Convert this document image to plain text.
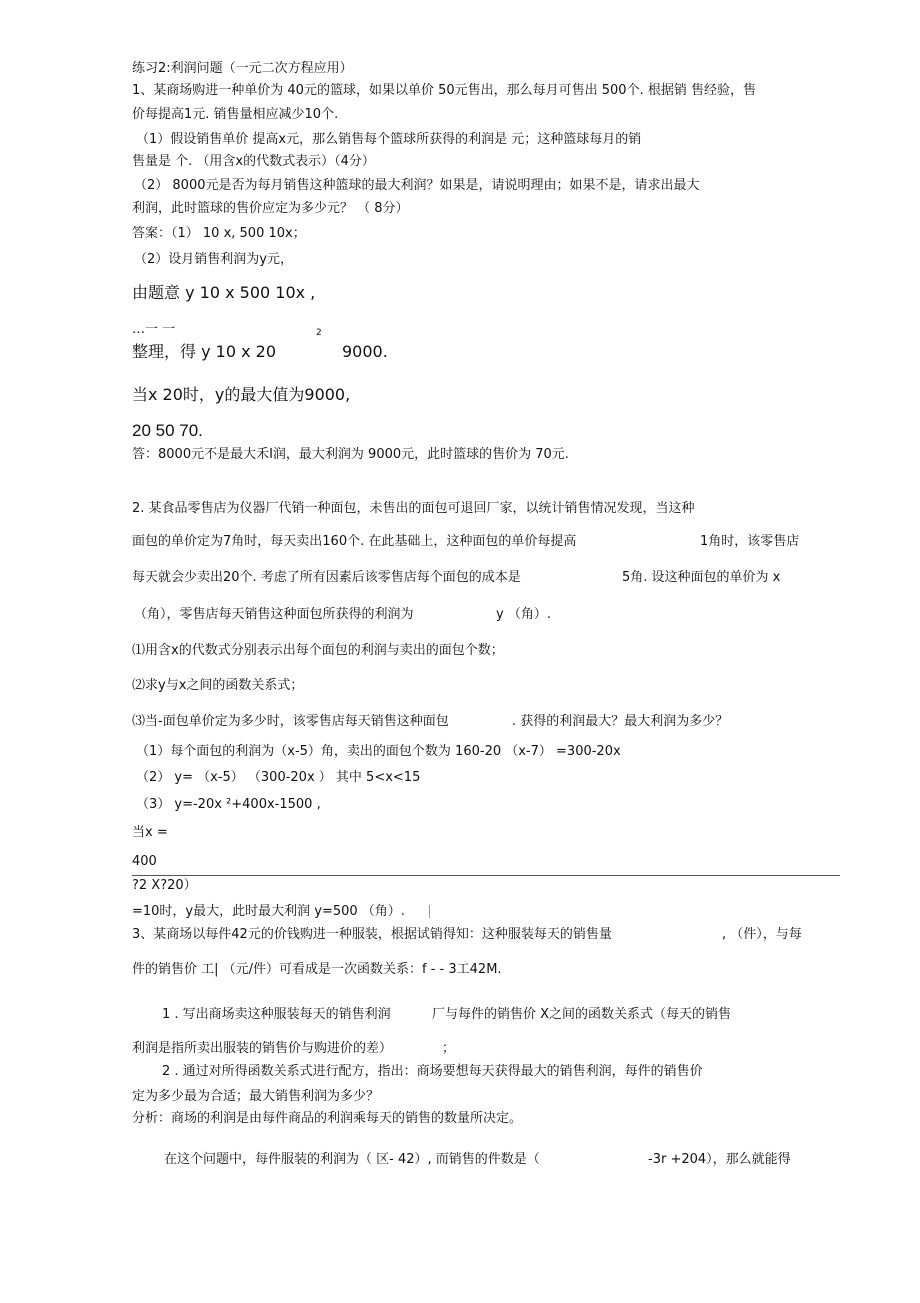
练习2:利润问题（一元二次方程应用）
1、某商场购进一种单价为 40元的篮球，如果以单价 50元售出，那么每月可售出 500个. 根据销 售经验，售
价每提高1元. 销售量相应减少10个.
（1）假设销售单价 提高x元，那么销售每个篮球所获得的利润是 元；这种篮球每月的销
售量是 个. （用含x的代数式表示）（4分）
（2） 8000元是否为每月销售这种篮球的最大利润？如果是，请说明理由；如果不是，请求出最大
利润，此时篮球的售价应定为多少元？ （ 8分）
答案：（1） 10 x, 500 10x；
（2）设月销售利润为y元，
由题意 y 10 x 500 10x ,
…一 一	2
整理，得 y 10 x 20	9000.
当x 20时，y的最大值为9000,
20 50 70.
答：8000元不是最大禾I润，最大利润为 9000元，此时篮球的售价为 70元.
2. 某食品零售店为仪器厂代销一种面包，未售出的面包可退回厂家，以统计销售情况发现，当这种
面包的单价定为7角时，每天卖出160个. 在此基础上，这种面包的单价每提高	1角时，该零售店
每天就会少卖出20个. 考虑了所有因素后该零售店每个面包的成本是	5角. 设这种面包的单价为 x
（角），零售店每天销售这种面包所获得的利润为	y （角）.
⑴用含x的代数式分别表示出每个面包的利润与卖出的面包个数；
⑵求y与x之间的函数关系式；
⑶当-面包单价定为多少时，该零售店每天销售这种面包	. 获得的利润最大？最大利润为多少？
（1）每个面包的利润为（x-5）角，卖出的面包个数为 160-20 （x-7） =300-20x
（2） y= （x-5） （300-20x ） 其中 5<x<15
（3） y=-20x ²+400x-1500 ,
当x =
400
?2 X?20）
=10时，y最大，此时最大利润 y=500 （角）.
3、某商场以每件42元的价钱购进一种服装，根据试销得知：这种服装每天的销售量	, （件），与每
件的销售价 工| （元/件）可看成是一次函数关系：f - - 3工42M.
1 . 写出商场卖这种服装每天的销售利润	厂与每件的销售价 X之间的函数关系式（每天的销售
利润是指所卖出服装的销售价与购进价的差）	；
2 . 通过对所得函数关系式进行配方，指出：商场要想每天获得最大的销售利润，每件的销售价
定为多少最为合适；最大销售利润为多少？
分析：商场的利润是由每件商品的利润乘每天的销售的数量所决定。
在这个问题中，每件服装的利润为（ 区- 42）, 而销售的件数是（	-3r +204），那么就能得
